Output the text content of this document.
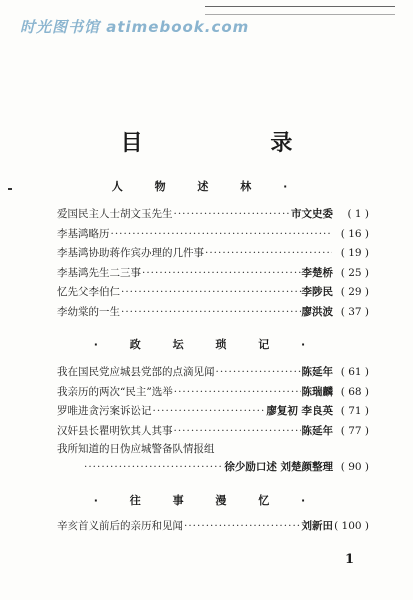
时光图书馆 atimebook.com
目 录
人 物 述 林 ·
爱国民主人士胡文玉先生 ·····	市文史委	( 1 )
李基鸿略历 ·····	( 16 )
李基鸿协助蒋作宾办理的几件事 ·····	( 19 )
李基鸿先生二三事 ·····	李楚桥 ( 25 )
忆先父李伯仁 ·····	李陟民 ( 29 )
李幼棠的一生 ·····	廖洪波 ( 37 )
· 政 坛 琐 记 ·
我在国民党应城县党部的点滴见闻 ·····	陈延年 ( 61 )
我亲历的两次“民主”选举 ·····	陈瑞麟 ( 68 )
罗唯进贪污案诉讼记 ·····	廖复初 李良英 ( 71 )
汉奸县长瞿明钦其人其事 ·····	陈延年 ( 77 )
我所知道的日伪应城警备队情报组
·····
徐少励口述 刘楚颜整理 ( 90 )
· 往 事 漫 忆 ·
辛亥首义前后的亲历和见闻 ·····	刘新田 ( 100 )
1
